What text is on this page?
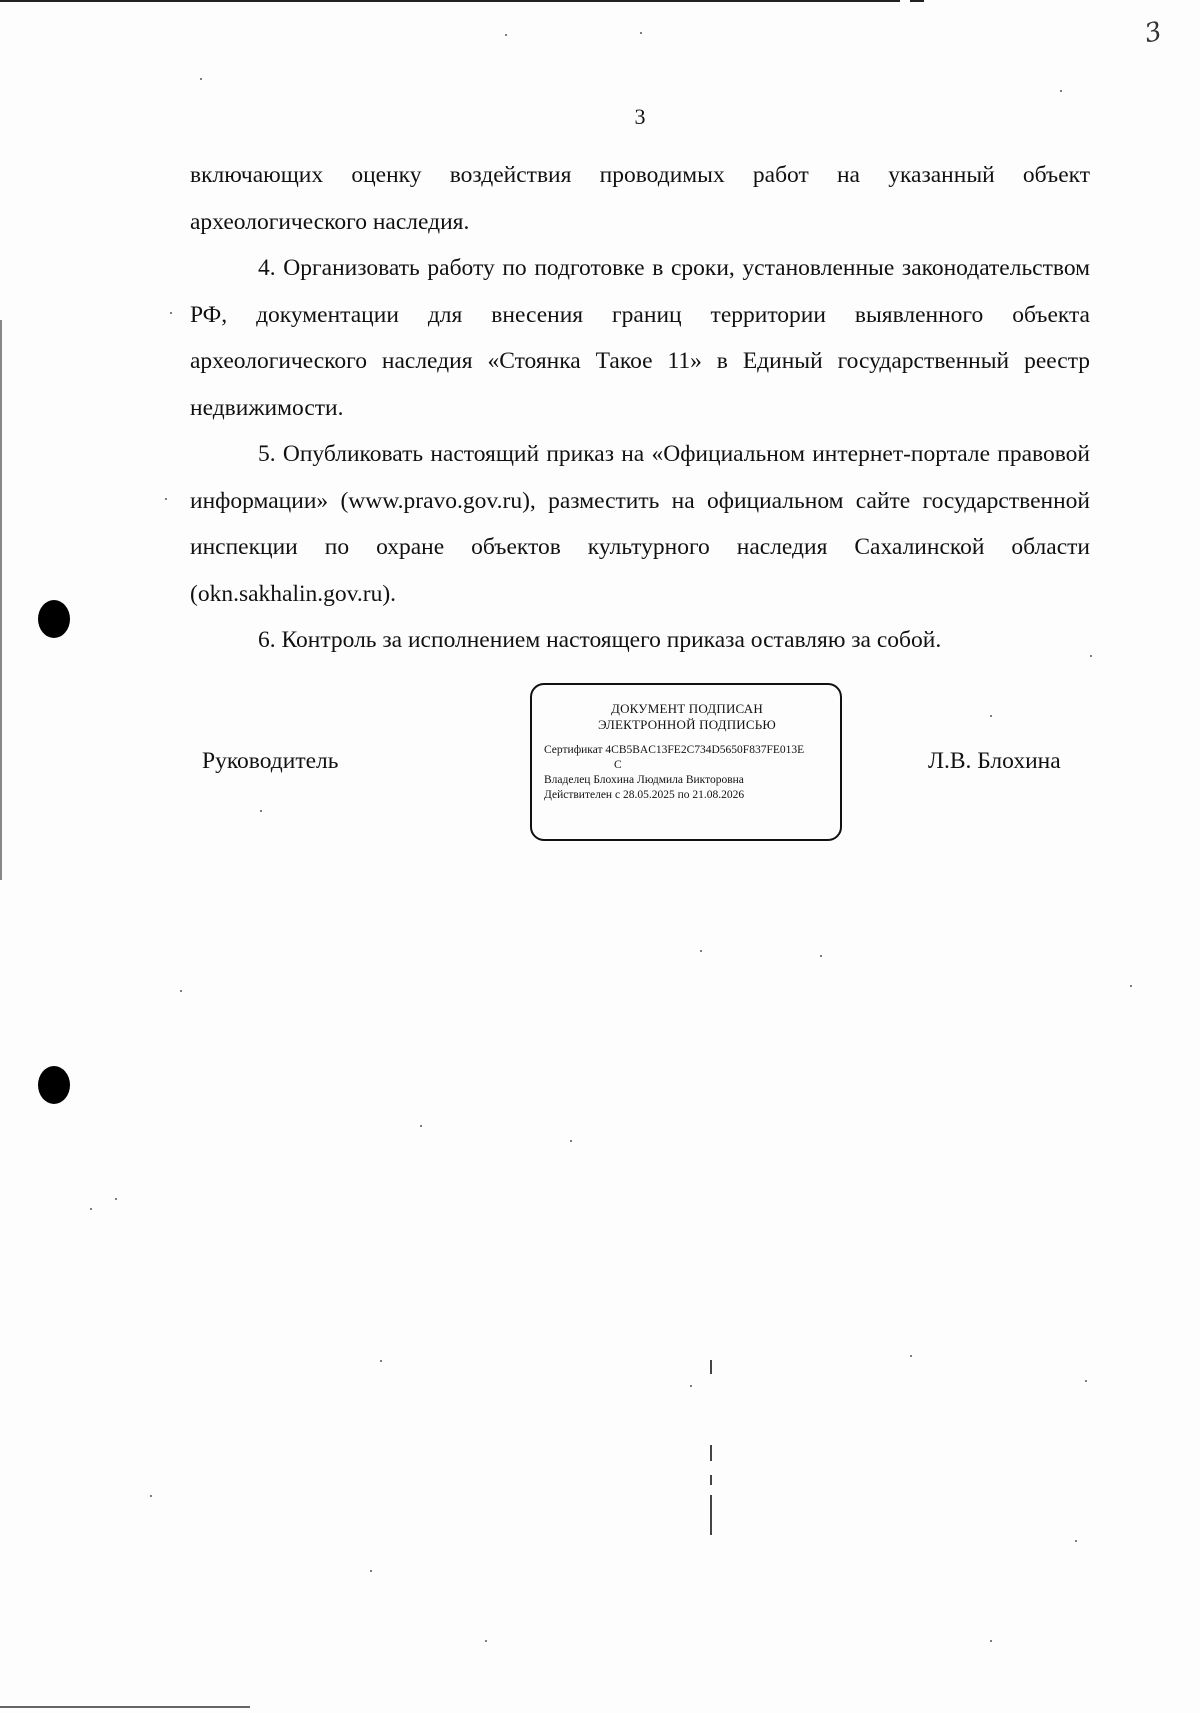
3
3

включающих оценку воздействия проводимых работ на указанный объект археологического наследия.

4. Организовать работу по подготовке в сроки, установленные законодательством РФ, документации для внесения границ территории выявленного объекта археологического наследия «Стоянка Такое 11» в Единый государственный реестр недвижимости.

5. Опубликовать настоящий приказ на «Официальном интернет-портале правовой информации» (www.pravo.gov.ru), разместить на официальном сайте государственной инспекции по охране объектов культурного наследия Сахалинской области (okn.sakhalin.gov.ru).

6. Контроль за исполнением настоящего приказа оставляю за собой.

Руководитель
ДОКУМЕНТ ПОДПИСАН
ЭЛЕКТРОННОЙ ПОДПИСЬЮ
Сертификат 4CB5BAC13FE2C734D5650F837FE013E
C
Владелец Блохина Людмила Викторовна
Действителен с 28.05.2025 по 21.08.2026
Л.В. Блохина
